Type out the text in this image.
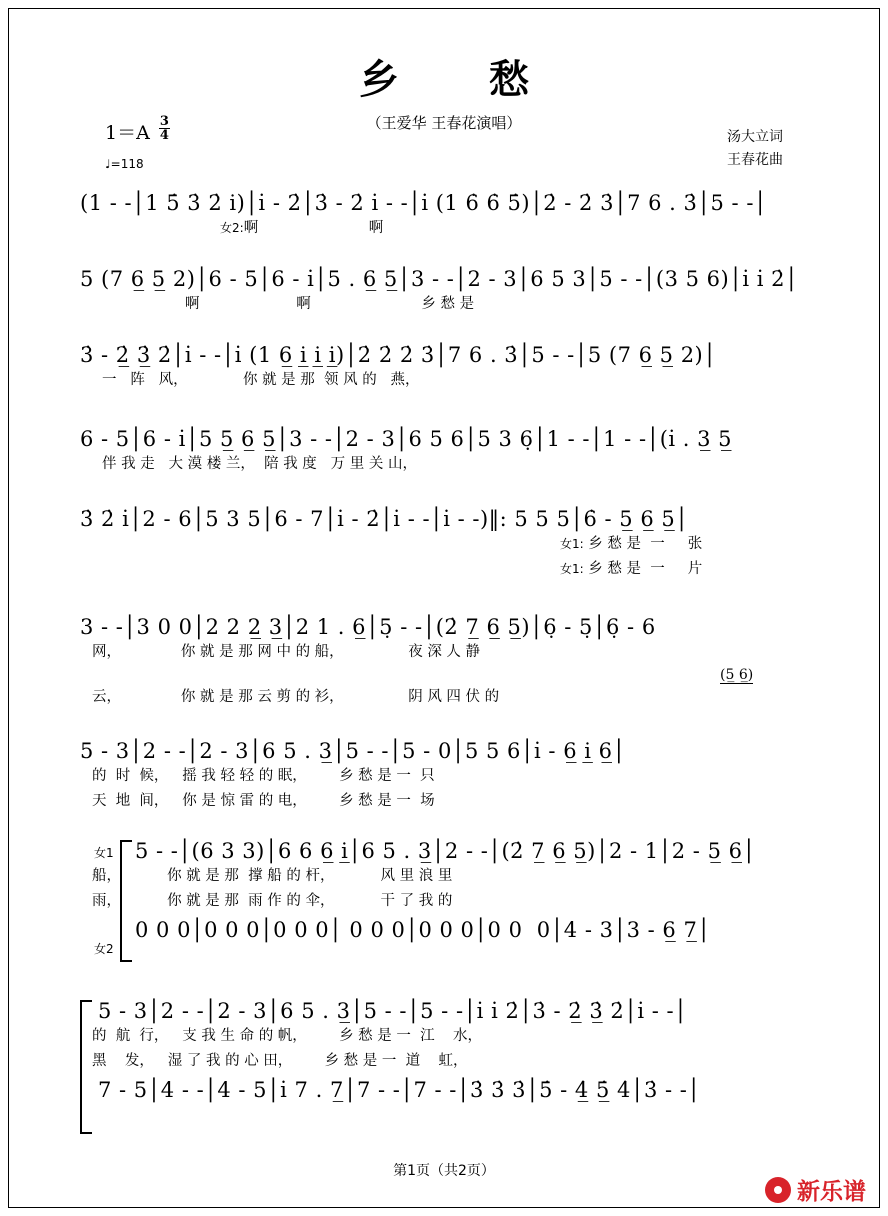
乡愁
（王爱华 王春花演唱）
$1=A \frac{3}{4}$
♩=118
汤大立词
王春花曲
(1 - -│1 5̇ 3̇ 2̇ i)│i̇ - 2̇│3̇ - 2̇ i̇ - -│i̇ (1 6̇ 6̇ 5̇)│2̇ - 2̇ 3̇│7 6 . 3̇│5 - -│
女2:啊                        啊
5 (7 6̲ 5̲ 2)│6 - 5│6 - i̇│5 . 6̲ 5̲│3 - -│2 - 3│6 5 3│5 - -│(3 5 6)│i̇ i̇ 2̇│
啊                     啊                        乡 愁 是
3̇ - 2̲̇ 3̲̇ 2̇│i̇ - -│i̇ (1 6̲ i̲ i̲ i̲)│2̇ 2̇ 2̇ 3̇│7 6 . 3̇│5 - -│5 (7 6̲ 5̲ 2)│
一   阵   风，            你 就 是 那  领 风 的   燕，
6 - 5│6 - i̇│5 5̲ 6̲ 5̲│3 - -│2 - 3│6 5 6│5 3 6̣│1 - -│1 - -│(i̇ . 3̲ 5̲
伴 我 走   大 漠 楼 兰，  陪 我 度   万 里 关 山，
3̇ 2̇ i̇│2 - 6│5 3 5│6 - 7│i̇ - 2̇│i̇ - -│i̇ - -)‖: 5 5 5│6̇ - 5̲ 6̲ 5̲│
女1: 乡 愁 是  一     张
女1: 乡 愁 是  一     片
3 - -│3 0 0│2 2 2̲ 3̲│2 1 . 6̲│5̣ - -│(2̇ 7̲ 6̲ 5̲)│6̣ - 5̣│6̣ - 6
网，             你 就 是 那 网 中 的 船，              夜 深 人 静
(5̲ 6̲)
云，             你 就 是 那 云 剪 的 衫，              阴 风 四 伏 的
5 - 3│2 - -│2 - 3│6 5 . 3̲│5 - -│5 - 0│5 5 6│i̇ - 6̲ i̲ 6̲│
的  时  候，   摇 我 轻 轻 的 眠，       乡 愁 是 一  只
天  地  间，   你 是 惊 雷 的 电，       乡 愁 是 一  场
女1
女2
5 - -│(6 3 3)│6 6 6̲ i̲│6 5 . 3̲│2 - -│(2̇ 7̲ 6̲ 5̲)│2 - 1│2 - 5̲ 6̲│
船，          你 就 是 那  撑 船 的 杆，          风 里 浪 里
雨，          你 就 是 那  雨 作 的 伞，          干 了 我 的
0 0 0│0 0 0│0 0 0│ 0 0 0│0 0 0│0 0  0│4 - 3│3 - 6̲ 7̲│
5 - 3│2 - -│2 - 3│6 5 . 3̲│5 - -│5 - -│i̇ i̇ 2̇│3̇ - 2̲̇ 3̲̇ 2̇│i̇ - -│
的  航  行，   支 我 生 命 的 帆，       乡 愁 是 一  江    水，
黑    发，   湿 了 我 的 心 田，       乡 愁 是 一  道    虹，
7 - 5│4 - -│4 - 5│i̇ 7 . 7̲│7 - -│7 - -│3̇ 3̇ 3̇│5̇ - 4̲̇ 5̲̇ 4̇│3̇ - -│
第1页（共2页）
新乐谱
